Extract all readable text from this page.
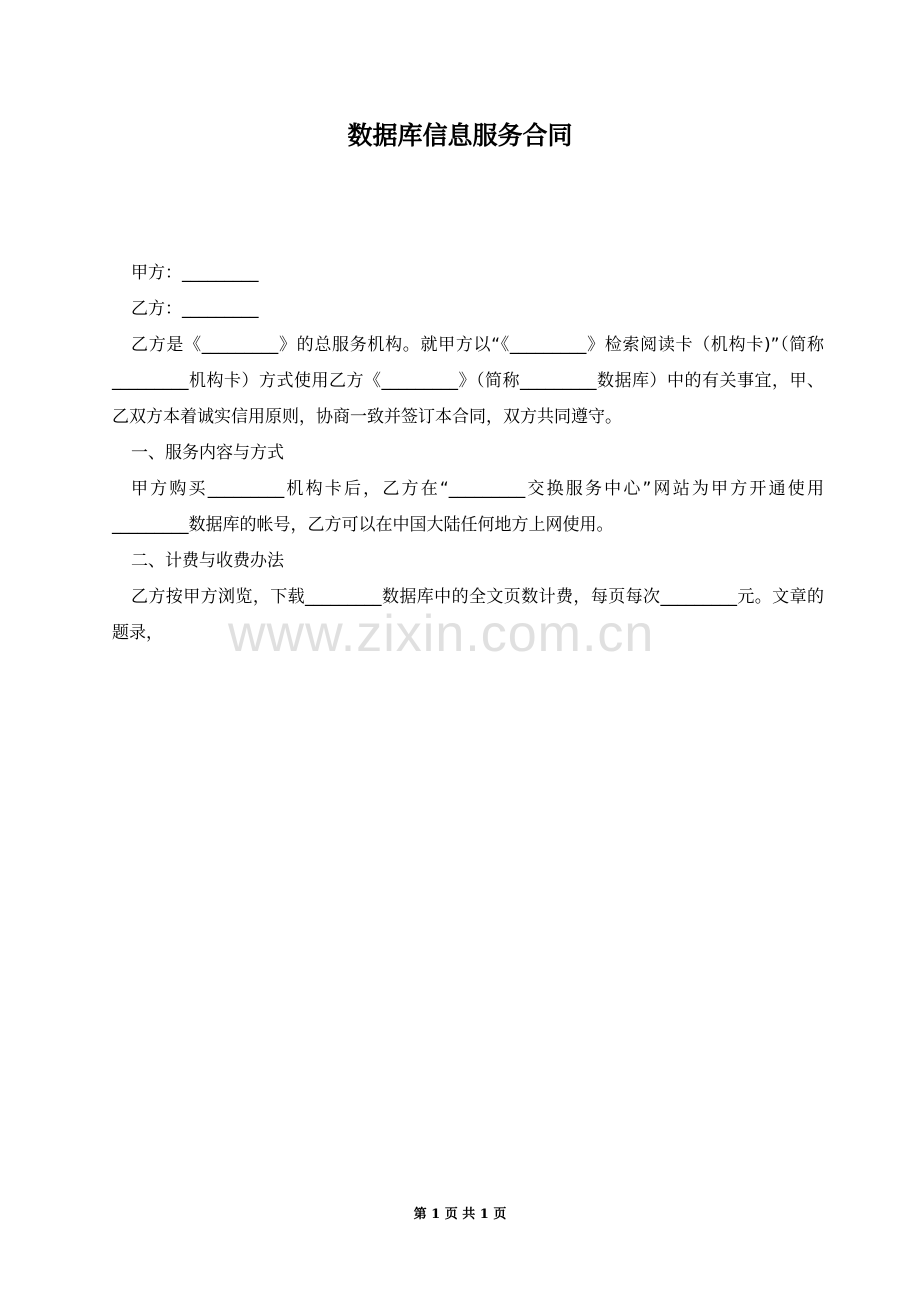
数据库信息服务合同

甲方：_________

乙方：_________

乙方是《_________》的总服务机构。就甲方以“《_________》检索阅读卡（机构卡)”（简称_________机构卡）方式使用乙方《_________》（简称_________数据库）中的有关事宜，甲、乙双方本着诚实信用原则，协商一致并签订本合同，双方共同遵守。

一、服务内容与方式

甲方购买_________机构卡后，乙方在“_________交换服务中心”网站为甲方开通使用_________数据库的帐号，乙方可以在中国大陆任何地方上网使用。

二、计费与收费办法

乙方按甲方浏览，下载_________数据库中的全文页数计费，每页每次_________元。文章的题录，	www.zixin.com.cn
第 1 页 共 1 页
